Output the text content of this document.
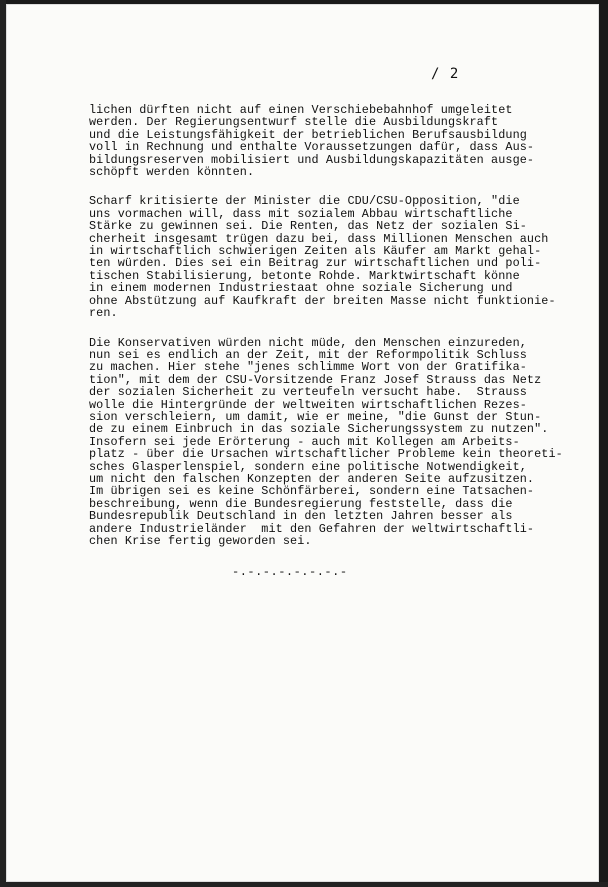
/ 2
lichen dürften nicht auf einen Verschiebebahnhof umgeleitet
werden. Der Regierungsentwurf stelle die Ausbildungskraft
und die Leistungsfähigkeit der betrieblichen Berufsausbildung
voll in Rechnung und enthalte Voraussetzungen dafür, dass Aus-
bildungsreserven mobilisiert und Ausbildungskapazitäten ausge-
schöpft werden könnten.
Scharf kritisierte der Minister die CDU/CSU-Opposition, "die
uns vormachen will, dass mit sozialem Abbau wirtschaftliche
Stärke zu gewinnen sei. Die Renten, das Netz der sozialen Si-
cherheit insgesamt trügen dazu bei, dass Millionen Menschen auch
in wirtschaftlich schwierigen Zeiten als Käufer am Markt gehal-
ten würden. Dies sei ein Beitrag zur wirtschaftlichen und poli-
tischen Stabilisierung, betonte Rohde. Marktwirtschaft könne
in einem modernen Industriestaat ohne soziale Sicherung und
ohne Abstützung auf Kaufkraft der breiten Masse nicht funktionie-
ren.
Die Konservativen würden nicht müde, den Menschen einzureden,
nun sei es endlich an der Zeit, mit der Reformpolitik Schluss
zu machen. Hier stehe "jenes schlimme Wort von der Gratifika-
tion", mit dem der CSU-Vorsitzende Franz Josef Strauss das Netz
der sozialen Sicherheit zu verteufeln versucht habe.  Strauss
wolle die Hintergründe der weltweiten wirtschaftlichen Rezes-
sion verschleiern, um damit, wie er meine, "die Gunst der Stun-
de zu einem Einbruch in das soziale Sicherungssystem zu nutzen".
Insofern sei jede Erörterung - auch mit Kollegen am Arbeits-
platz - über die Ursachen wirtschaftlicher Probleme kein theoreti-
sches Glasperlenspiel, sondern eine politische Notwendigkeit,
um nicht den falschen Konzepten der anderen Seite aufzusitzen.
Im übrigen sei es keine Schönfärberei, sondern eine Tatsachen-
beschreibung, wenn die Bundesregierung feststelle, dass die
Bundesrepublik Deutschland in den letzten Jahren besser als
andere Industrieländer  mit den Gefahren der weltwirtschaftli-
chen Krise fertig geworden sei.
-.-.-.-.-.-.-.-
